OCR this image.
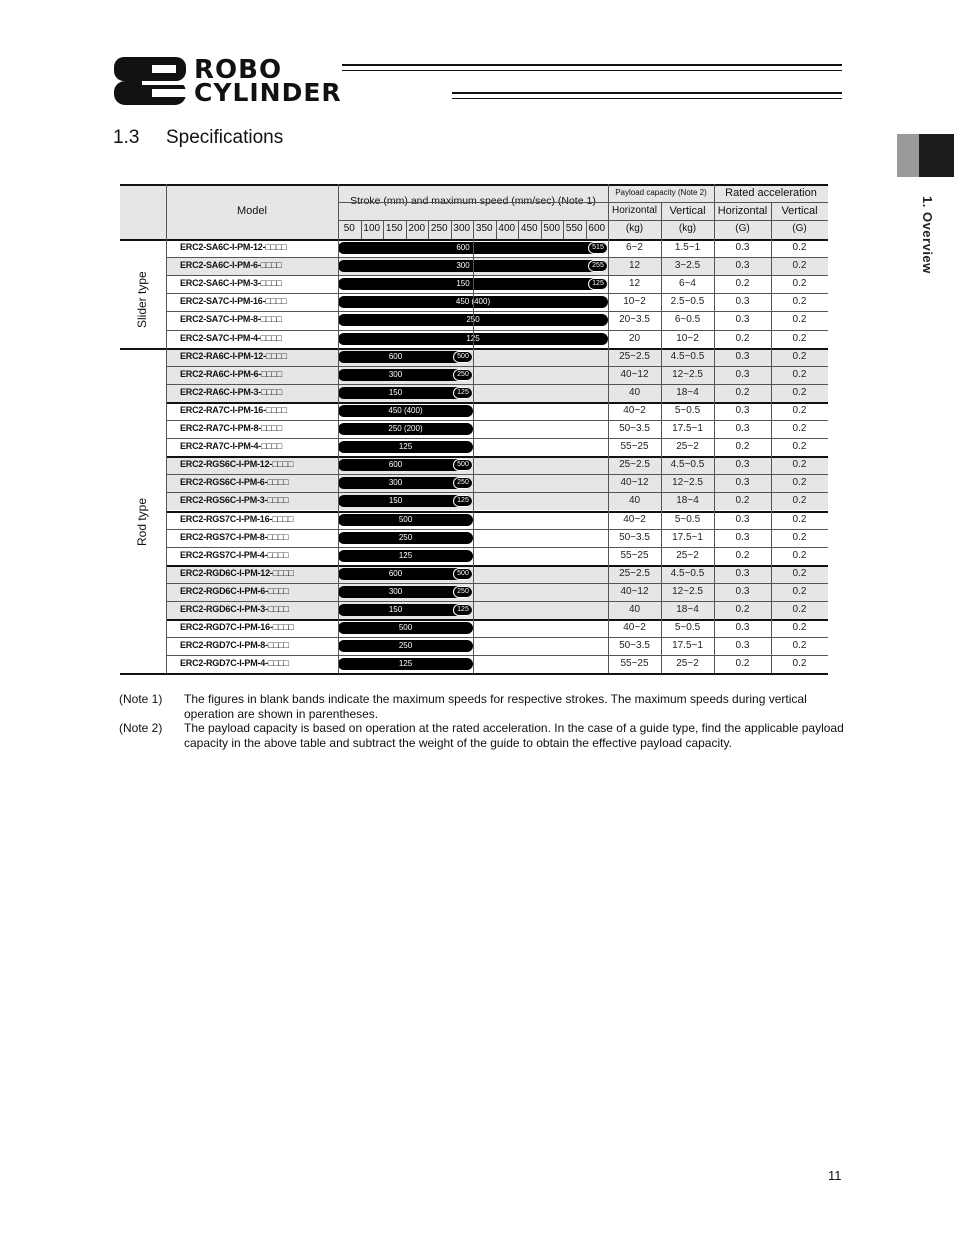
ROBO
CYLINDER
1.3 Specifications
1. Overview
Model
Stroke (mm) and maximum speed (mm/sec) (Note 1)
Payload capacity (Note 2)	Rated acceleration
Horizontal	Vertical	Horizontal	Vertical
(kg)	(kg)	(G)	(G)
50 100 150 200 250 300 350 400 450 500 550 600
ERC2-SA6C-I-PM-12-□□□□	600	515	6~2	1.5~1	0.3	0.2
ERC2-SA6C-I-PM-6-□□□□	300	255	12	3~2.5	0.3	0.2
ERC2-SA6C-I-PM-3-□□□□	150	125	12	6~4	0.2	0.2
ERC2-SA7C-I-PM-16-□□□□	450 (400)	10~2	2.5~0.5	0.3	0.2
ERC2-SA7C-I-PM-8-□□□□	250	20~3.5	6~0.5	0.3	0.2
ERC2-SA7C-I-PM-4-□□□□	125	20	10~2	0.2	0.2
ERC2-RA6C-I-PM-12-□□□□	600	500	25~2.5	4.5~0.5	0.3	0.2
ERC2-RA6C-I-PM-6-□□□□	300	250	40~12	12~2.5	0.3	0.2
ERC2-RA6C-I-PM-3-□□□□	150	125	40	18~4	0.2	0.2
ERC2-RA7C-I-PM-16-□□□□	450 (400)	40~2	5~0.5	0.3	0.2
ERC2-RA7C-I-PM-8-□□□□	250 (200)	50~3.5	17.5~1	0.3	0.2
ERC2-RA7C-I-PM-4-□□□□	125	55~25	25~2	0.2	0.2
ERC2-RGS6C-I-PM-12-□□□□	600	500	25~2.5	4.5~0.5	0.3	0.2
ERC2-RGS6C-I-PM-6-□□□□	300	250	40~12	12~2.5	0.3	0.2
ERC2-RGS6C-I-PM-3-□□□□	150	125	40	18~4	0.2	0.2
ERC2-RGS7C-I-PM-16-□□□□	500	40~2	5~0.5	0.3	0.2
ERC2-RGS7C-I-PM-8-□□□□	250	50~3.5	17.5~1	0.3	0.2
ERC2-RGS7C-I-PM-4-□□□□	125	55~25	25~2	0.2	0.2
ERC2-RGD6C-I-PM-12-□□□□	600	500	25~2.5	4.5~0.5	0.3	0.2
ERC2-RGD6C-I-PM-6-□□□□	300	250	40~12	12~2.5	0.3	0.2
ERC2-RGD6C-I-PM-3-□□□□	150	125	40	18~4	0.2	0.2
ERC2-RGD7C-I-PM-16-□□□□	500	40~2	5~0.5	0.3	0.2
ERC2-RGD7C-I-PM-8-□□□□	250	50~3.5	17.5~1	0.3	0.2
ERC2-RGD7C-I-PM-4-□□□□	125	55~25	25~2	0.2	0.2
Slider type
Rod type
(Note 1) The figures in blank bands indicate the maximum speeds for respective strokes. The maximum speeds during vertical operation are shown in parentheses.
(Note 2) The payload capacity is based on operation at the rated acceleration. In the case of a guide type, find the applicable payload capacity in the above table and subtract the weight of the guide to obtain the effective payload capacity.
11
